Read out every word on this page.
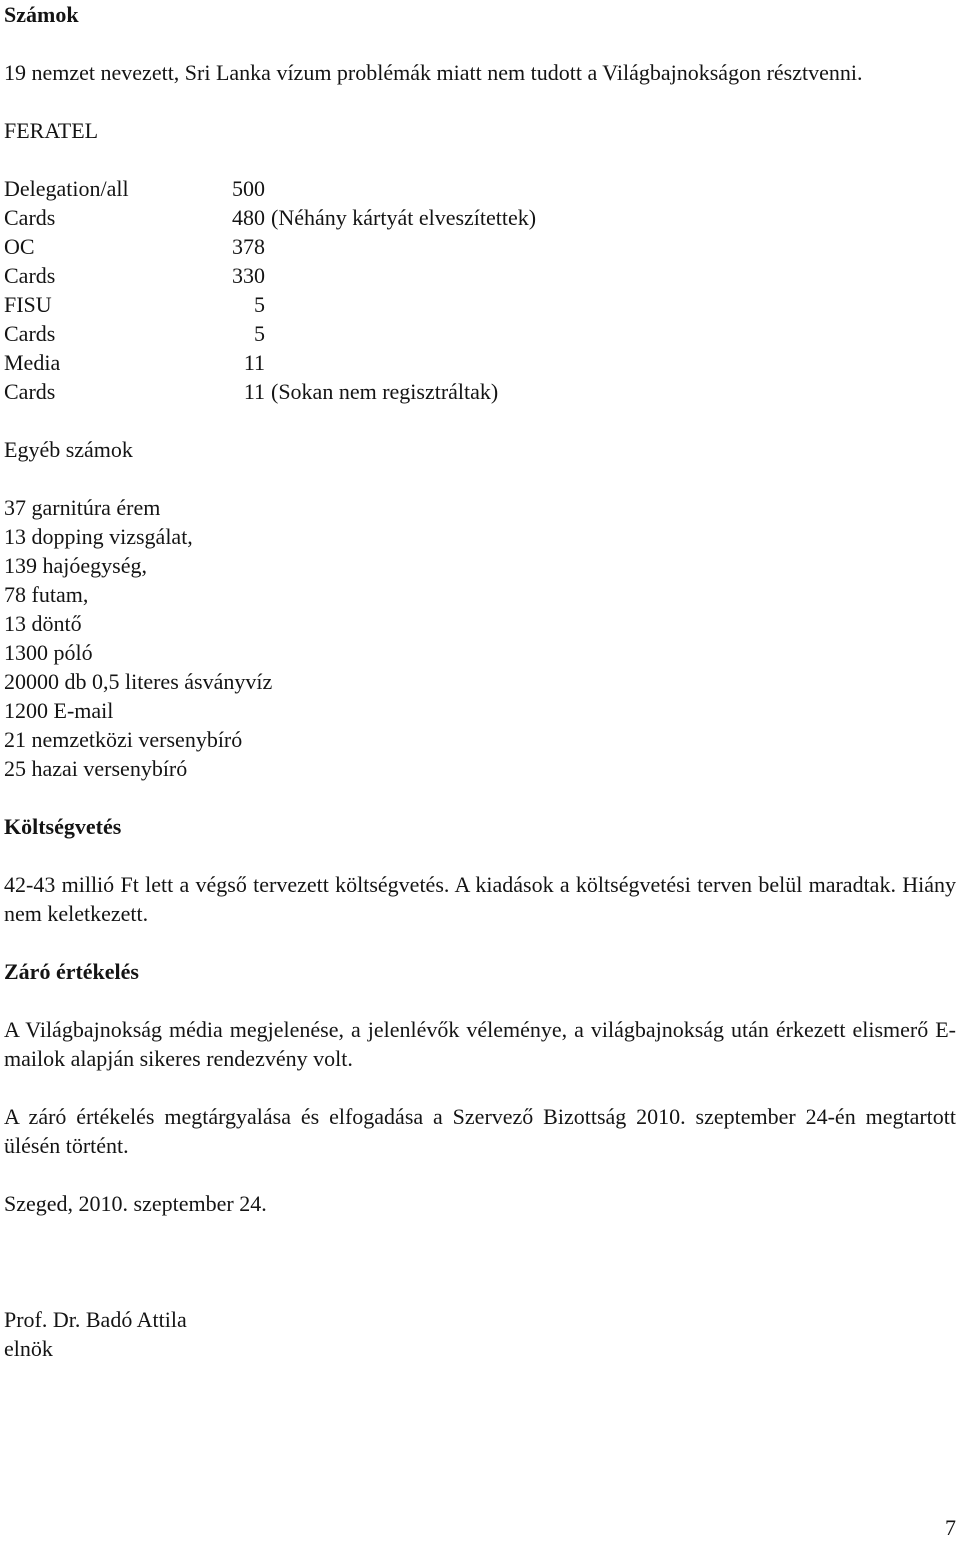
Számok

19 nemzet nevezett, Sri Lanka vízum problémák miatt nem tudott a Világbajnokságon résztvenni.

FERATEL

Delegation/all	500
Cards	480 (Néhány kártyát elveszítettek)
OC	378
Cards	330
FISU	5
Cards	5
Media	11
Cards	11 (Sokan nem regisztráltak)

Egyéb számok

37 garnitúra érem
13 dopping vizsgálat,
139 hajóegység,
78 futam,
13 döntő
1300 póló
20000 db 0,5 literes ásványvíz
1200 E-mail
21 nemzetközi versenybíró
25 hazai versenybíró

Költségvetés

42-43 millió Ft lett a végső tervezett költségvetés. A kiadások a költségvetési terven belül maradtak. Hiány nem keletkezett.

Záró értékelés

A Világbajnokság média megjelenése, a jelenlévők véleménye, a világbajnokság után érkezett elismerő E-mailok alapján sikeres rendezvény volt.

A záró értékelés megtárgyalása és elfogadása a Szervező Bizottság 2010. szeptember 24-én megtartott ülésén történt.

Szeged, 2010. szeptember 24.

Prof. Dr. Badó Attila

elnök

7
